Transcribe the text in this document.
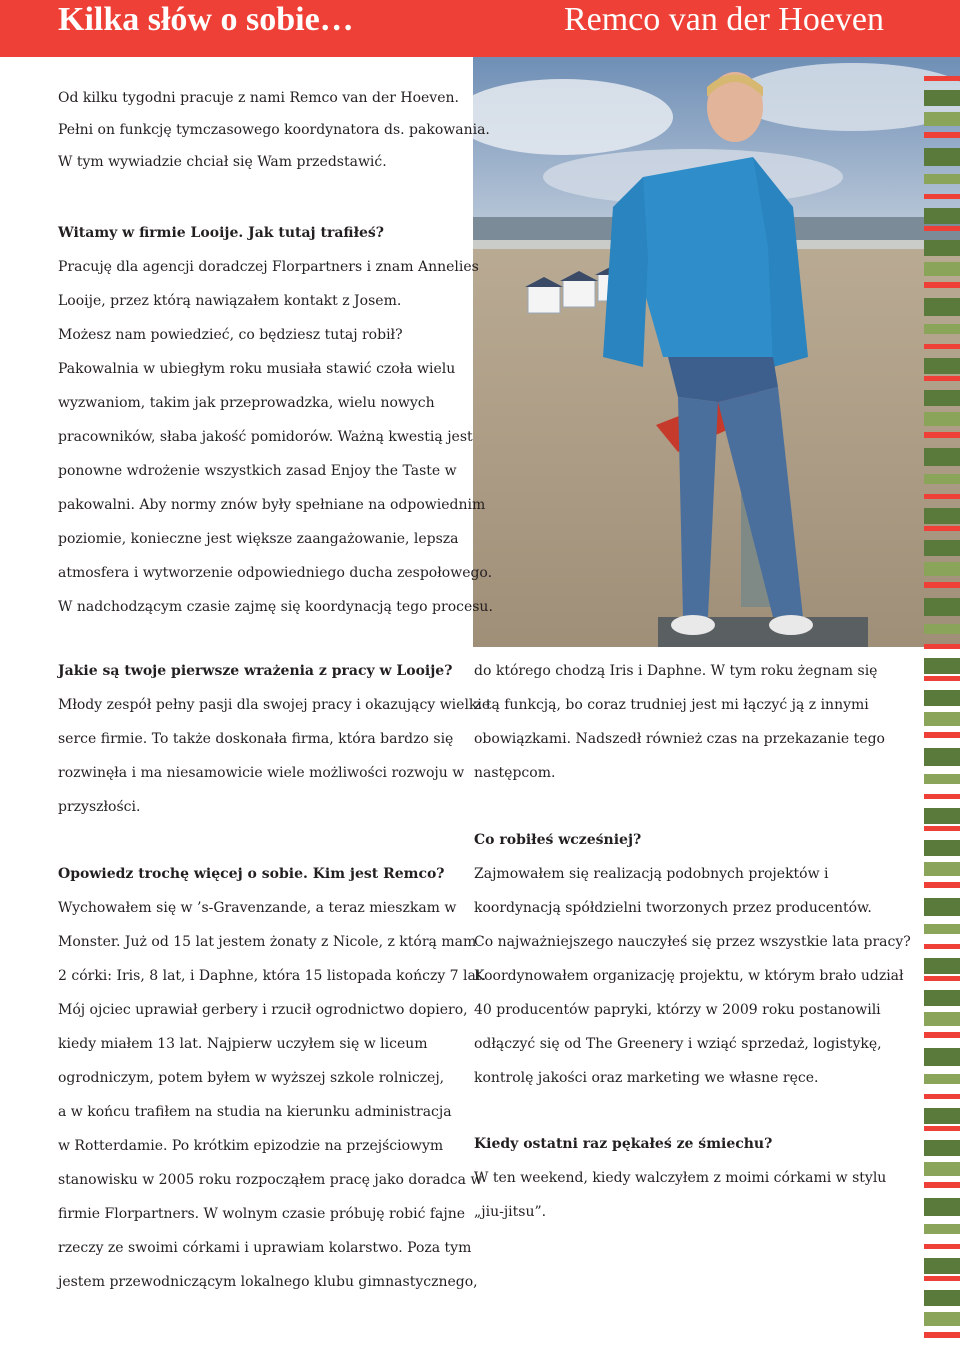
Kilka słów o sobie…	Remco van der Hoeven
Od kilku tygodni pracuje z nami Remco van der Hoeven.
Pełni on funkcję tymczasowego koordynatora ds. pakowania.
W tym wywiadzie chciał się Wam przedstawić.
Witamy w firmie Looije. Jak tutaj trafiłeś?
Pracuję dla agencji doradczej Florpartners i znam Annelies
Looije, przez którą nawiązałem kontakt z Josem.
Możesz nam powiedzieć, co będziesz tutaj robił?
Pakowalnia w ubiegłym roku musiała stawić czoła wielu
wyzwaniom, takim jak przeprowadzka, wielu nowych
pracowników, słaba jakość pomidorów. Ważną kwestią jest
ponowne wdrożenie wszystkich zasad Enjoy the Taste w
pakowalni. Aby normy znów były spełniane na odpowiednim
poziomie, konieczne jest większe zaangażowanie, lepsza
atmosfera i wytworzenie odpowiedniego ducha zespołowego.
W nadchodzącym czasie zajmę się koordynacją tego procesu.
Jakie są twoje pierwsze wrażenia z pracy w Looije?
Młody zespół pełny pasji dla swojej pracy i okazujący wielkie
serce firmie. To także doskonała firma, która bardzo się
rozwinęła i ma niesamowicie wiele możliwości rozwoju w
przyszłości.
Opowiedz trochę więcej o sobie. Kim jest Remco?
Wychowałem się w ’s-Gravenzande, a teraz mieszkam w
Monster. Już od 15 lat jestem żonaty z Nicole, z którą mam
2 córki: Iris, 8 lat, i Daphne, która 15 listopada kończy 7 lat.
Mój ojciec uprawiał gerbery i rzucił ogrodnictwo dopiero,
kiedy miałem 13 lat. Najpierw uczyłem się w liceum
ogrodniczym, potem byłem w wyższej szkole rolniczej,
a w końcu trafiłem na studia na kierunku administracja
w Rotterdamie. Po krótkim epizodzie na przejściowym
stanowisku w 2005 roku rozpocząłem pracę jako doradca w
firmie Florpartners. W wolnym czasie próbuję robić fajne
rzeczy ze swoimi córkami i uprawiam kolarstwo. Poza tym
jestem przewodniczącym lokalnego klubu gimnastycznego,
do którego chodzą Iris i Daphne. W tym roku żegnam się
z tą funkcją, bo coraz trudniej jest mi łączyć ją z innymi
obowiązkami. Nadszedł również czas na przekazanie tego
następcom.
Co robiłeś wcześniej?
Zajmowałem się realizacją podobnych projektów i
koordynacją spółdzielni tworzonych przez producentów.
Co najważniejszego nauczyłeś się przez wszystkie lata pracy?
Koordynowałem organizację projektu, w którym brało udział
40 producentów papryki, którzy w 2009 roku postanowili
odłączyć się od The Greenery i wziąć sprzedaż, logistykę,
kontrolę jakości oraz marketing we własne ręce.
Kiedy ostatni raz pękałeś ze śmiechu?
W ten weekend, kiedy walczyłem z moimi córkami w stylu
„jiu-jitsu”.
